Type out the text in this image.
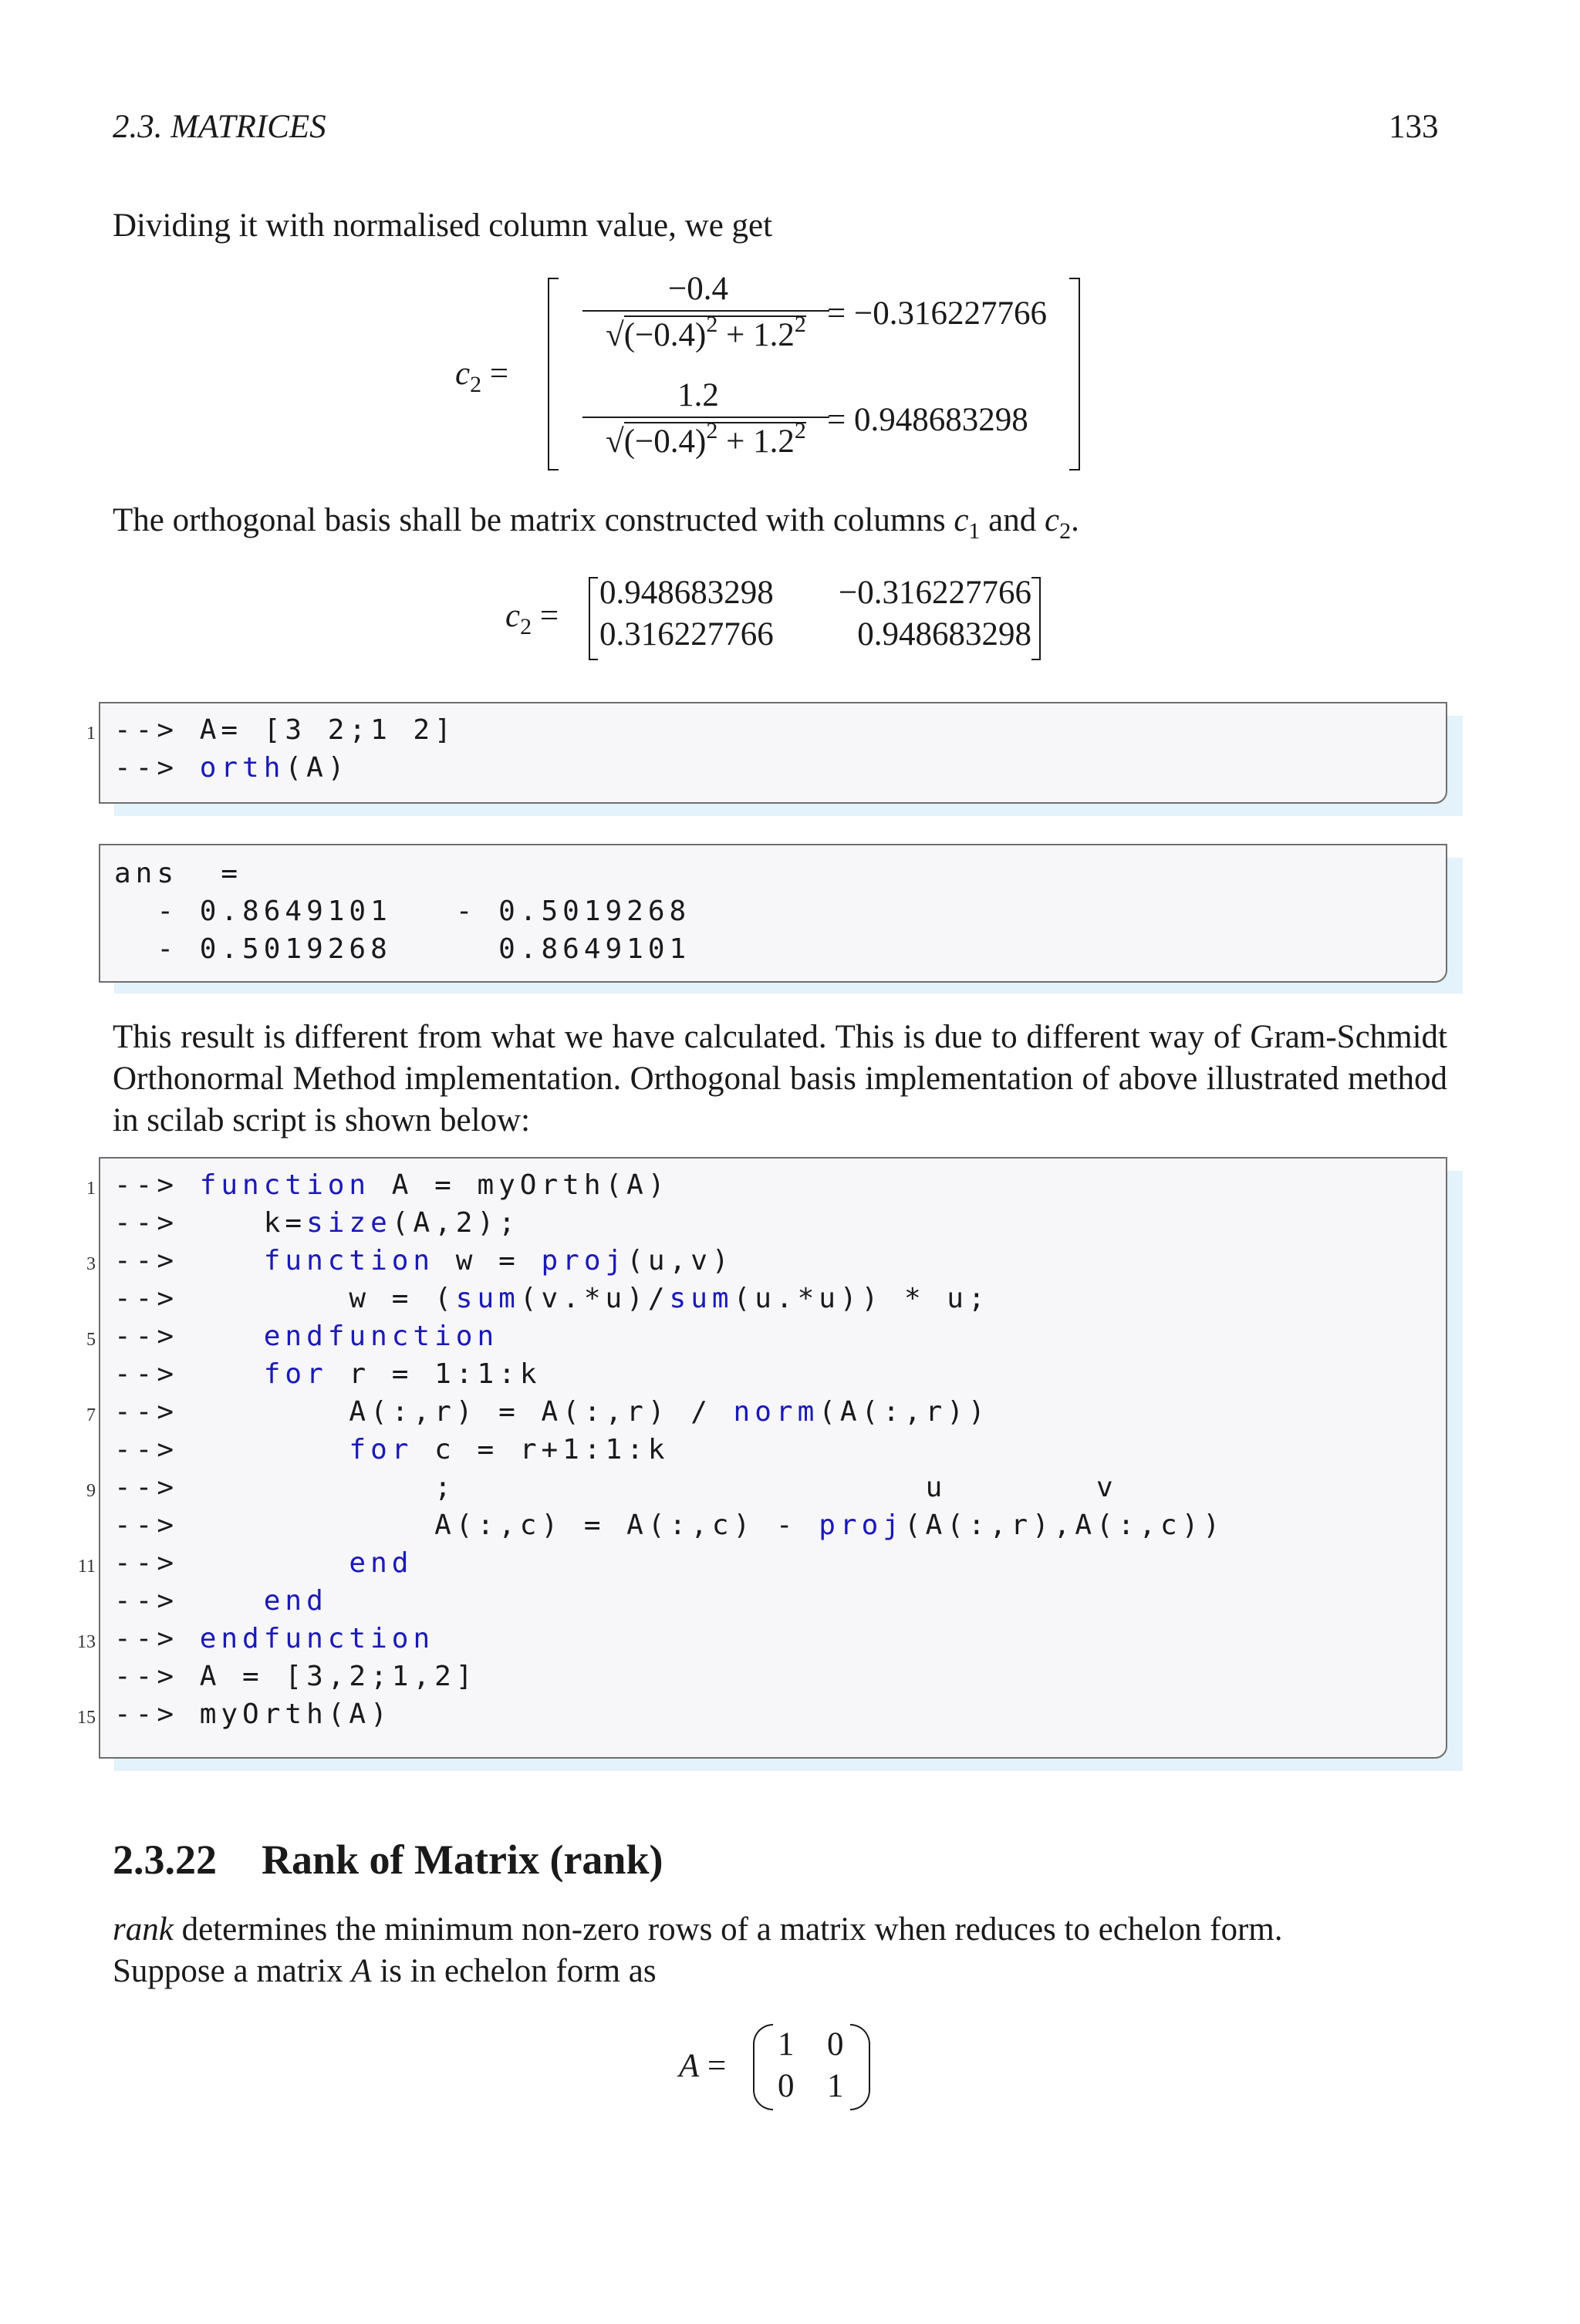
2.3. MATRICES	133
Dividing it with normalised column value, we get
$c_2$ =
−0.4
$√(-0.4)^2 + 1.2^2 = -0.316227766$
1.2
$√(-0.4)^2 + 1.2^2 = 0.948683298$
The orthogonal basis shall be matrix constructed with columns $c_1$ and $c_2$.
$c_2$ =
0.948683298	−0.316227766
0.316227766	0.948683298
--> A= [3 2;1 2]
--> orth(A)
1
ans  =
- 0.8649101   - 0.5019268
- 0.5019268     0.8649101
This result is different from what we have calculated. This is due to different way of Gram-Schmidt Orthonormal Method implementation. Orthogonal basis implementation of above illustrated method in scilab script is shown below:
--> function A = myOrth(A)
-->    k=size(A,2);
-->    function w = proj(u,v)
-->        w = (sum(v.*u)/sum(u.*u)) * u;
-->    endfunction
-->    for r = 1:1:k
-->        A(:,r) = A(:,r) / norm(A(:,r))
-->        for c = r+1:1:k
-->            ;                      u       v
-->            A(:,c) = A(:,c) - proj(A(:,r),A(:,c))
-->        end
-->    end
--> endfunction
--> A = [3,2;1,2]
--> myOrth(A)
1
3
5
7
9
11
13
15
2.3.22 Rank of Matrix (rank)
rank determines the minimum non-zero rows of a matrix when reduces to echelon form.
Suppose a matrix A is in echelon form as
A =
1 0
0 1
